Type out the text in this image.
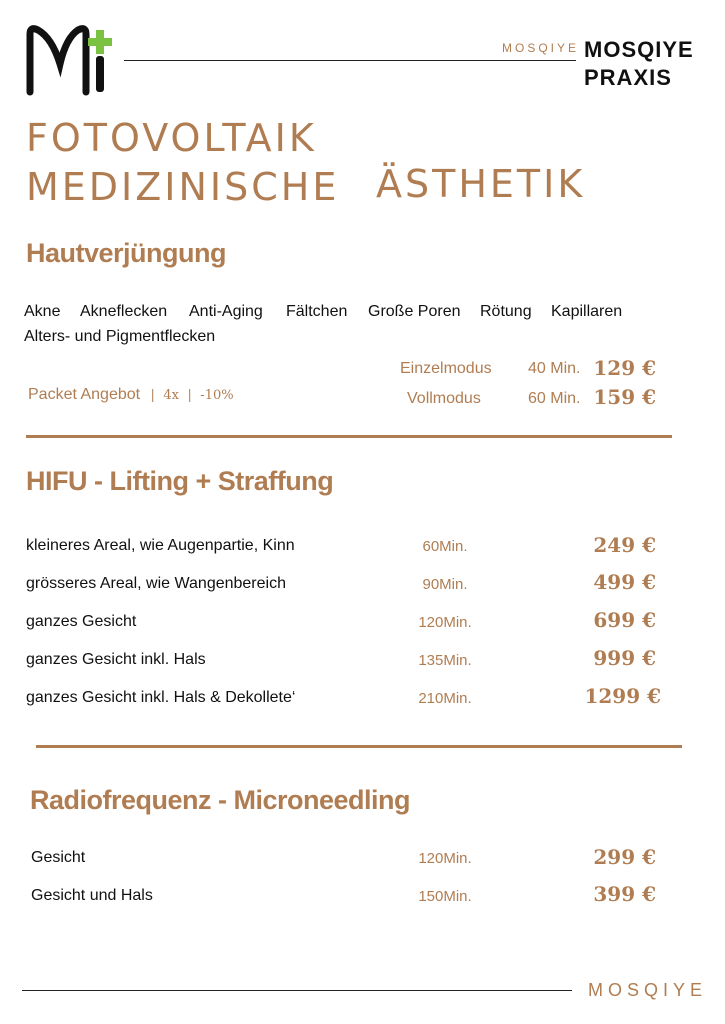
MOSQIYE MOSQIYE
PRAXIS
FOTOVOLTAIK
MEDIZINISCHE ÄSTHETIK
Hautverjüngung
Akne Akneflecken Anti-Aging Fältchen Große Poren Rötung Kapillaren
Alters- und Pigmentflecken
Einzelmodus 40 Min. 129 €
Packet Angebot | 4x | -10%	Vollmodus	60 Min. 159 €
HIFU - Lifting + Straffung
kleineres Areal, wie Augenpartie, Kinn	60Min.	249 €
grösseres Areal, wie Wangenbereich	90Min.	499 €
ganzes Gesicht	120Min.	699 €
ganzes Gesicht inkl. Hals	135Min.	999 €
ganzes Gesicht inkl. Hals & Dekollete‘	210Min.	1299 €
Radiofrequenz - Microneedling
Gesicht	120Min.	299 €
Gesicht und Hals	150Min.	399 €
MOSQIYE
